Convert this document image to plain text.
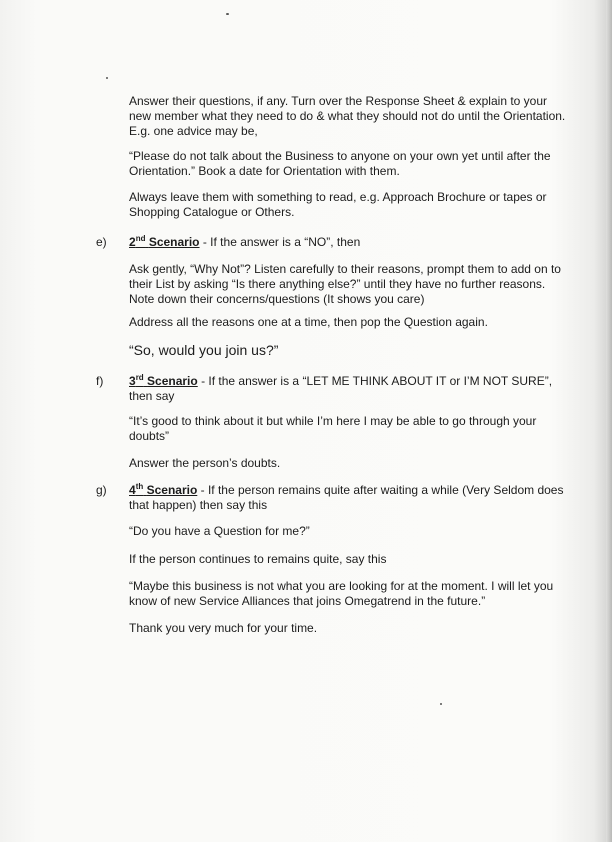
Answer their questions, if any. Turn over the Response Sheet & explain to your new member what they need to do & what they should not do until the Orientation. E.g. one advice may be,
“Please do not talk about the Business to anyone on your own yet until after the Orientation.” Book a date for Orientation with them.
Always leave them with something to read, e.g. Approach Brochure or tapes or Shopping Catalogue or Others.
e) 2nd Scenario - If the answer is a “NO”, then
Ask gently, “Why Not”? Listen carefully to their reasons, prompt them to add on to their List by asking “Is there anything else?” until they have no further reasons. Note down their concerns/questions (It shows you care)
Address all the reasons one at a time, then pop the Question again.
“So, would you join us?”
f) 3rd Scenario - If the answer is a “LET ME THINK ABOUT IT or I’M NOT SURE”, then say
“It’s good to think about it but while I’m here I may be able to go through your doubts”
Answer the person’s doubts.
g) 4th Scenario - If the person remains quite after waiting a while (Very Seldom does that happen) then say this
“Do you have a Question for me?”
If the person continues to remains quite, say this
“Maybe this business is not what you are looking for at the moment. I will let you know of new Service Alliances that joins Omegatrend in the future.”
Thank you very much for your time.
